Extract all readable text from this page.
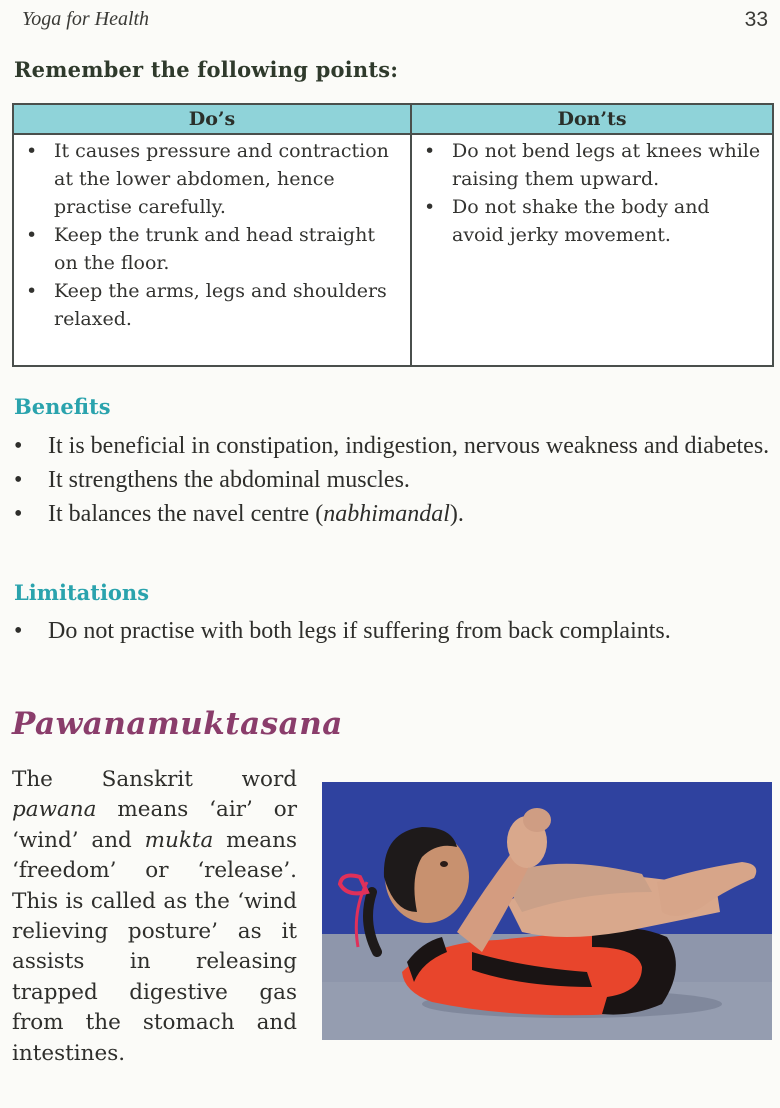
Yoga for Health	33
Remember the following points:
Do’s	Don’ts

• It causes pressure and contraction at the lower abdomen, hence practise carefully.
• Keep the trunk and head straight on the floor.
• Keep the arms, legs and shoulders relaxed.

• Do not bend legs at knees while raising them upward.
• Do not shake the body and avoid jerky movement.
Benefits
• It is beneficial in constipation, indigestion, nervous weakness and diabetes.
• It strengthens the abdominal muscles.
• It balances the navel centre (nabhimandal).
Limitations
• Do not practise with both legs if suffering from back complaints.
Pawanamuktasana

The Sanskrit word pawana means ‘air’ or ‘wind’ and mukta means ‘freedom’ or ‘release’. This is called as the ‘wind relieving posture’ as it assists in releasing trapped digestive gas from the stomach and intestines.
